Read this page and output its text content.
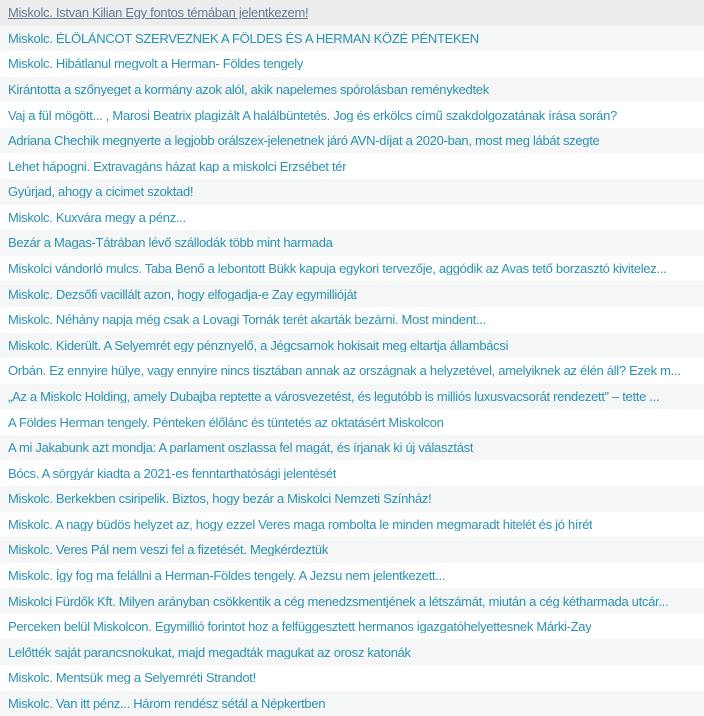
Miskolc. Istvan Kilian Egy fontos témában jelentkezem!
Miskolc. ÉLŐLÁNCOT SZERVEZNEK A FÖLDES ÉS A HERMAN KÖZÉ PÉNTEKEN
Miskolc. Hibátlanul megvolt a Herman- Földes tengely
Kirántotta a szőnyeget a kormány azok alól, akik napelemes spórolásban reménykedtek
Vaj a fül mögött... , Marosi Beatrix plagizált A halálbüntetés. Jog és erkölcs című szakdolgozatának írása során?
Adriana Chechik megnyerte a legjobb orálszex-jelenetnek járó AVN-díjat a 2020-ban, most meg lábát szegte
Lehet hápogni. Extravagáns házat kap a miskolci Erzsébet tér
Gyúrjad, ahogy a cicimet szoktad!
Miskolc. Kuxvára megy a pénz...
Bezár a Magas-Tátrában lévő szállodák több mint harmada
Miskolci vándorló mulcs. Taba Benő a lebontott Bükk kapuja egykori tervezője, aggódik az Avas tető borzasztó kivitelez...
Miskolc. Dezsőfi vacillált azon, hogy elfogadja-e Zay egymillióját
Miskolc. Néhány napja még csak a Lovagi Tornák terét akarták bezárni. Most mindent...
Miskolc. Kiderült. A Selyemrét egy pénznyelő, a Jégcsarnok hokisait meg eltartja állambácsi
Orbán. Ez ennyire hülye, vagy ennyire nincs tisztában annak az országnak a helyzetével, amelyiknek az élén áll? Ezek m...
„Az a Miskolc Holding, amely Dubajba reptette a városvezetést, és legutóbb is milliós luxusvacsorát rendezett” – tette ...
A Földes Herman tengely. Pénteken élőlánc és tüntetés az oktatásért Miskolcon
A mi Jakabunk azt mondja: A parlament oszlassa fel magát, és írjanak ki új választást
Bócs. A sörgyár kiadta a 2021-es fenntarthatósági jelentését
Miskolc. Berkekben csiripelik. Biztos, hogy bezár a Miskolci Nemzeti Színház!
Miskolc. A nagy büdös helyzet az, hogy ezzel Veres maga rombolta le minden megmaradt hitelét és jó hírét
Miskolc. Veres Pál nem veszi fel a fizetését. Megkérdeztük
Miskolc. Így fog ma felállni a Herman-Földes tengely. A Jezsu nem jelentkezett...
Miskolci Fürdők Kft. Milyen arányban csökkentik a cég menedzsmentjének a létszámát, miután a cég kétharmada utcár...
Perceken belül Miskolcon. Egymillió forintot hoz a felfüggesztett hermanos igazgatóhelyettesnek Márki-Zay
Lelőtték saját parancsnokukat, majd megadták magukat az orosz katonák
Miskolc. Mentsük meg a Selyemréti Strandot!
Miskolc. Van itt pénz... Három rendész sétál a Népkertben
